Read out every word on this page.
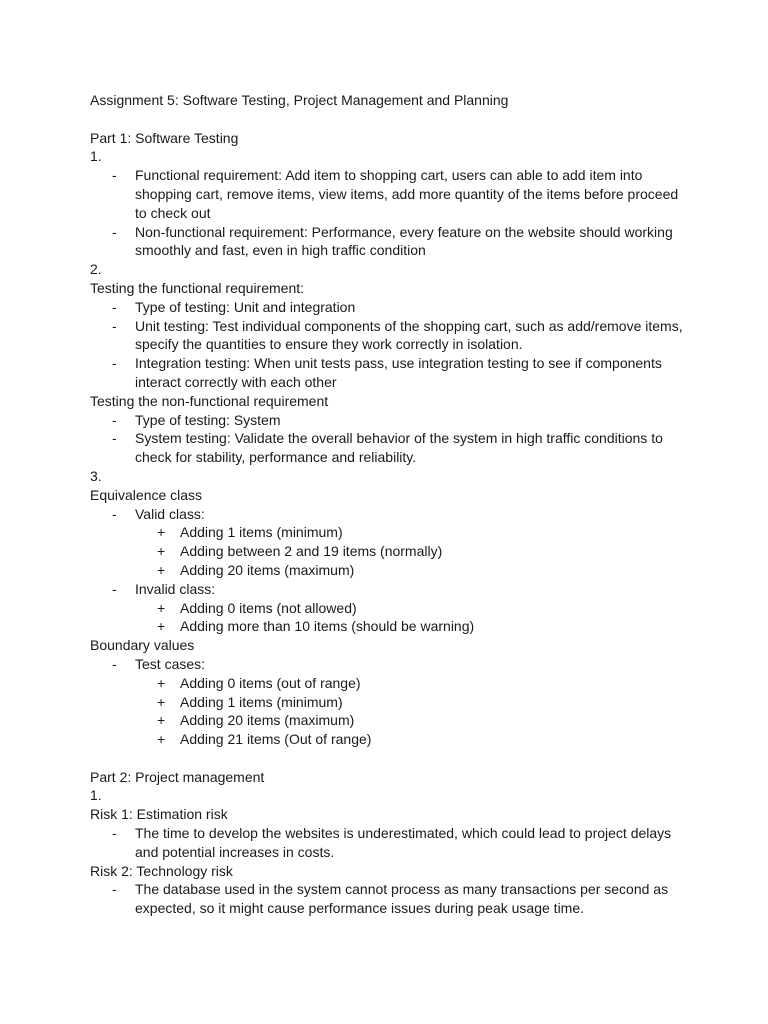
Assignment 5: Software Testing, Project Management and Planning
Part 1: Software Testing
1.
-	Functional requirement: Add item to shopping cart, users can able to add item into shopping cart, remove items, view items, add more quantity of the items before proceed to check out
-	Non-functional requirement: Performance, every feature on the website should working smoothly and fast, even in high traffic condition
2.
Testing the functional requirement:
-	Type of testing: Unit and integration
-	Unit testing: Test individual components of the shopping cart, such as add/remove items, specify the quantities to ensure they work correctly in isolation.
-	Integration testing: When unit tests pass, use integration testing to see if components interact correctly with each other
Testing the non-functional requirement
-	Type of testing: System
-	System testing: Validate the overall behavior of the system in high traffic conditions to check for stability, performance and reliability.
3.
Equivalence class
-	Valid class:
+	Adding 1 items (minimum)
+	Adding between 2 and 19 items (normally)
+	Adding 20 items (maximum)
-	Invalid class:
+	Adding 0 items (not allowed)
+	Adding more than 10 items (should be warning)
Boundary values
-	Test cases:
+	Adding 0 items (out of range)
+	Adding 1 items (minimum)
+	Adding 20 items (maximum)
+	Adding 21 items (Out of range)
Part 2: Project management
1.
Risk 1: Estimation risk
-	The time to develop the websites is underestimated, which could lead to project delays and potential increases in costs.
Risk 2: Technology risk
-	The database used in the system cannot process as many transactions per second as expected, so it might cause performance issues during peak usage time.
